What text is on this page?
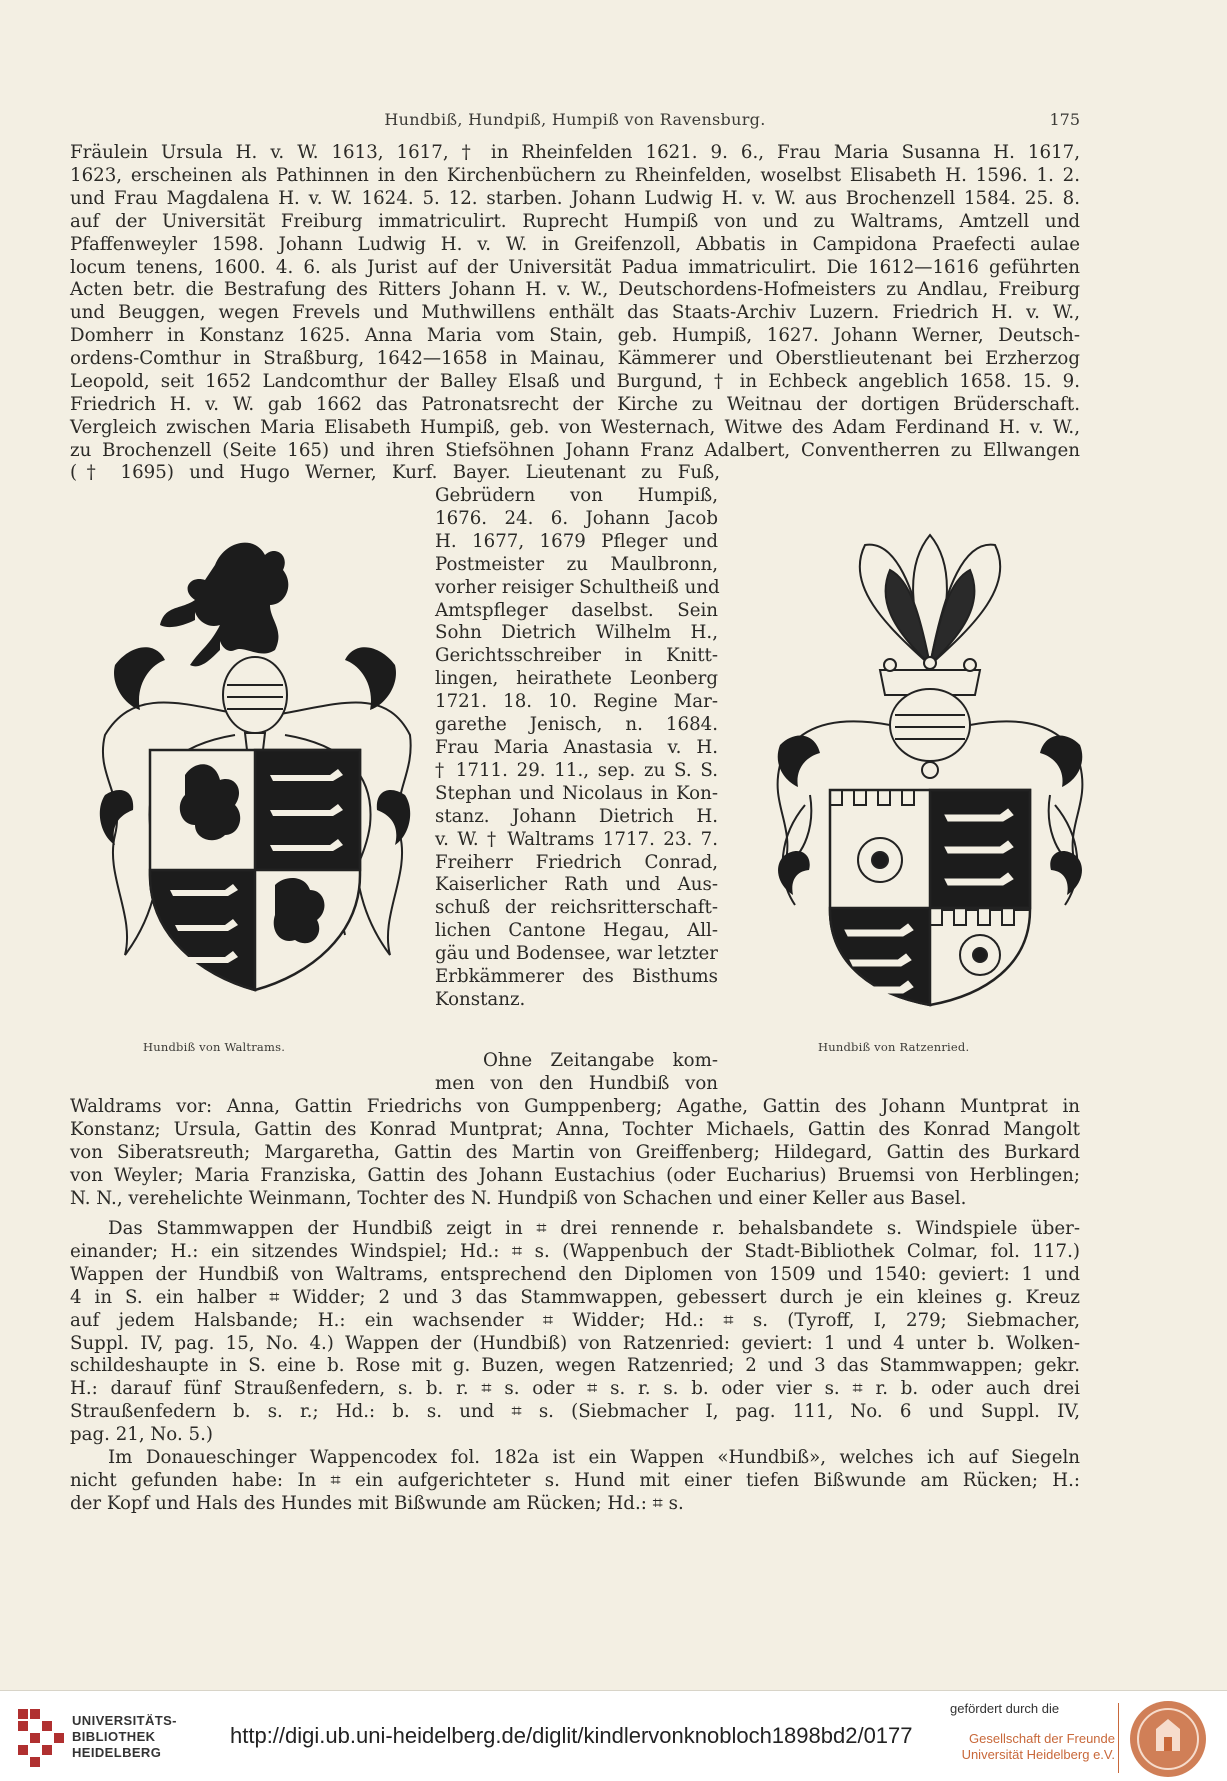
Hundbiß, Hundpiß, Humpiß von Ravensburg.	175
Fräulein Ursula H. v. W. 1613, 1617, † in Rheinfelden 1621. 9. 6., Frau Maria Susanna H. 1617,
1623, erscheinen als Pathinnen in den Kirchenbüchern zu Rheinfelden, woselbst Elisabeth H. 1596. 1. 2.
und Frau Magdalena H. v. W. 1624. 5. 12. starben. Johann Ludwig H. v. W. aus Brochenzell 1584. 25. 8.
auf der Universität Freiburg immatriculirt. Ruprecht Humpiß von und zu Waltrams, Amtzell und
Pfaffenweyler 1598. Johann Ludwig H. v. W. in Greifenzoll, Abbatis in Campidona Praefecti aulae
locum tenens, 1600. 4. 6. als Jurist auf der Universität Padua immatriculirt. Die 1612—1616 geführten
Acten betr. die Bestrafung des Ritters Johann H. v. W., Deutschordens-Hofmeisters zu Andlau, Freiburg
und Beuggen, wegen Frevels und Muthwillens enthält das Staats-Archiv Luzern. Friedrich H. v. W.,
Domherr in Konstanz 1625. Anna Maria vom Stain, geb. Humpiß, 1627. Johann Werner, Deutsch-
ordens-Comthur in Straßburg, 1642—1658 in Mainau, Kämmerer und Oberstlieutenant bei Erzherzog
Leopold, seit 1652 Landcomthur der Balley Elsaß und Burgund, † in Echbeck angeblich 1658. 15. 9.
Friedrich H. v. W. gab 1662 das Patronatsrecht der Kirche zu Weitnau der dortigen Brüderschaft.
Vergleich zwischen Maria Elisabeth Humpiß, geb. von Westernach, Witwe des Adam Ferdinand H. v. W.,
zu Brochenzell (Seite 165) und ihren Stiefsöhnen Johann Franz Adalbert, Conventherren zu Ellwangen
(† 1695) und Hugo Werner, Kurf. Bayer. Lieutenant zu Fuß,
Gebrüdern von Humpiß,
1676. 24. 6. Johann Jacob
H. 1677, 1679 Pfleger und
Postmeister zu Maulbronn,
vorher reisiger Schultheiß und
Amtspfleger daselbst. Sein
Sohn Dietrich Wilhelm H.,
Gerichtsschreiber in Knitt-
lingen, heirathete Leonberg
1721. 18. 10. Regine Mar-
garethe Jenisch, n. 1684.
Frau Maria Anastasia v. H.
† 1711. 29. 11., sep. zu S. S.
Stephan und Nicolaus in Kon-
stanz. Johann Dietrich H.
v. W. † Waltrams 1717. 23. 7.
Freiherr Friedrich Conrad,
Kaiserlicher Rath und Aus-
schuß der reichsritterschaft-
lichen Cantone Hegau, All-
gäu und Bodensee, war letzter
Erbkämmerer des Bisthums
Konstanz.
Ohne Zeitangabe kom-
men von den Hundbiß von
Hundbiß von Waltrams.	Hundbiß von Ratzenried.
Waldrams vor: Anna, Gattin Friedrichs von Gumppenberg; Agathe, Gattin des Johann Muntprat in
Konstanz; Ursula, Gattin des Konrad Muntprat; Anna, Tochter Michaels, Gattin des Konrad Mangolt
von Siberatsreuth; Margaretha, Gattin des Martin von Greiffenberg; Hildegard, Gattin des Burkard
von Weyler; Maria Franziska, Gattin des Johann Eustachius (oder Eucharius) Bruemsi von Herblingen;
N. N., verehelichte Weinmann, Tochter des N. Hundpiß von Schachen und einer Keller aus Basel.
Das Stammwappen der Hundbiß zeigt in ⌗ drei rennende r. behalsbandete s. Windspiele über-
einander; H.: ein sitzendes Windspiel; Hd.: ⌗ s. (Wappenbuch der Stadt-Bibliothek Colmar, fol. 117.)
Wappen der Hundbiß von Waltrams, entsprechend den Diplomen von 1509 und 1540: geviert: 1 und
4 in S. ein halber ⌗ Widder; 2 und 3 das Stammwappen, gebessert durch je ein kleines g. Kreuz
auf jedem Halsbande; H.: ein wachsender ⌗ Widder; Hd.: ⌗ s. (Tyroff, I, 279; Siebmacher,
Suppl. IV, pag. 15, No. 4.) Wappen der (Hundbiß) von Ratzenried: geviert: 1 und 4 unter b. Wolken-
schildeshaupte in S. eine b. Rose mit g. Buzen, wegen Ratzenried; 2 und 3 das Stammwappen; gekr.
H.: darauf fünf Straußenfedern, s. b. r. ⌗ s. oder ⌗ s. r. s. b. oder vier s. ⌗ r. b. oder auch drei
Straußenfedern b. s. r.; Hd.: b. s. und ⌗ s. (Siebmacher I, pag. 111, No. 6 und Suppl. IV,
pag. 21, No. 5.)
Im Donaueschinger Wappencodex fol. 182a ist ein Wappen «Hundbiß», welches ich auf Siegeln
nicht gefunden habe: In ⌗ ein aufgerichteter s. Hund mit einer tiefen Bißwunde am Rücken; H.:
der Kopf und Hals des Hundes mit Bißwunde am Rücken; Hd.: ⌗ s.
UNIVERSITÄTS-
BIBLIOTHEK
HEIDELBERG
http://digi.ub.uni-heidelberg.de/diglit/kindlervonknobloch1898bd2/0177
gefördert durch die
Gesellschaft der Freunde
Universität Heidelberg e.V.
